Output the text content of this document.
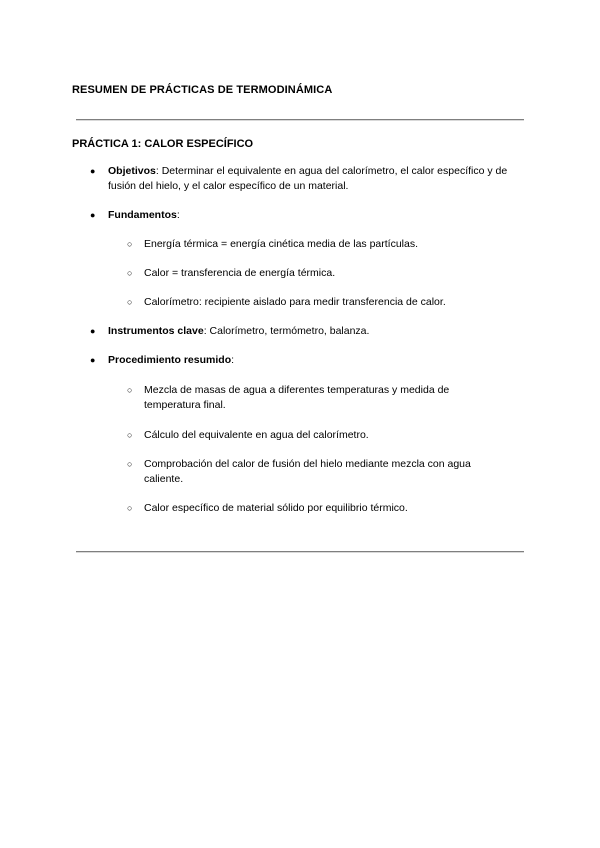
RESUMEN DE PRÁCTICAS DE TERMODINÁMICA
PRÁCTICA 1: CALOR ESPECÍFICO
● Objetivos: Determinar el equivalente en agua del calorímetro, el calor específico y de fusión del hielo, y el calor específico de un material.
● Fundamentos:
○ Energía térmica = energía cinética media de las partículas.
○ Calor = transferencia de energía térmica.
○ Calorímetro: recipiente aislado para medir transferencia de calor.
● Instrumentos clave: Calorímetro, termómetro, balanza.
● Procedimiento resumido:
○ Mezcla de masas de agua a diferentes temperaturas y medida de temperatura final.
○ Cálculo del equivalente en agua del calorímetro.
○ Comprobación del calor de fusión del hielo mediante mezcla con agua caliente.
○ Calor específico de material sólido por equilibrio térmico.
